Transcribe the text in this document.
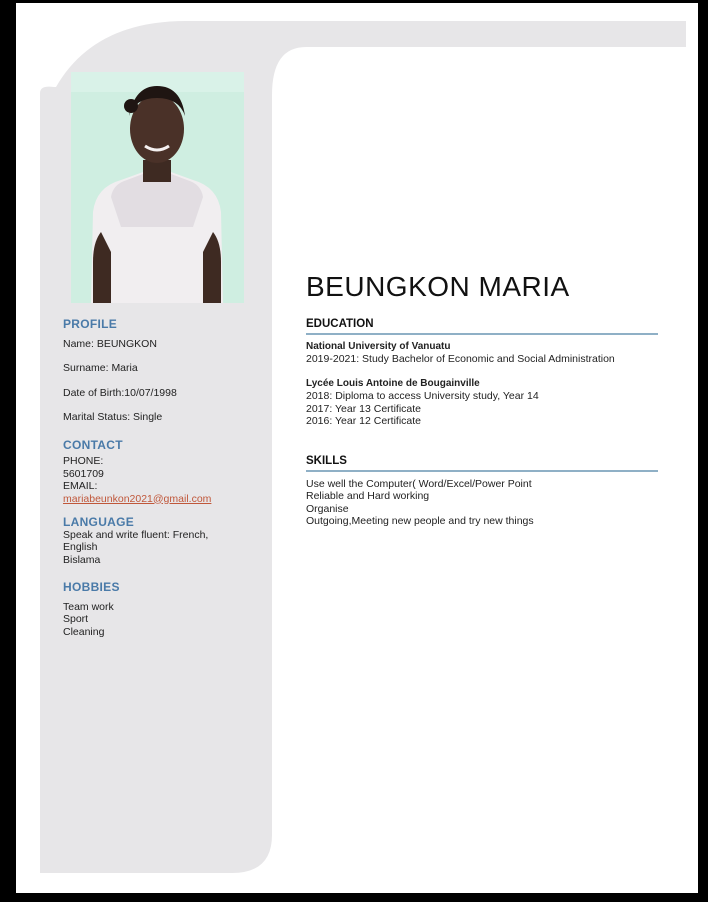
PROFILE

Name: BEUNGKON

Surname: Maria

Date of Birth:10/07/1998

Marital Status: Single

CONTACT

PHONE:

5601709

EMAIL:

mariabeunkon2021@gmail.com

LANGUAGE

Speak and write fluent: French,

English

Bislama

HOBBIES

Team work

Sport

Cleaning

BEUNGKON MARIA

EDUCATION

National University of Vanuatu

2019-2021: Study Bachelor of Economic and Social Administration

Lycée Louis Antoine de Bougainville

2018: Diploma to access University study, Year 14

2017: Year 13 Certificate

2016: Year 12 Certificate

SKILLS

Use well the Computer( Word/Excel/Power Point

Reliable and Hard working

Organise

Outgoing,Meeting new people and try new things
